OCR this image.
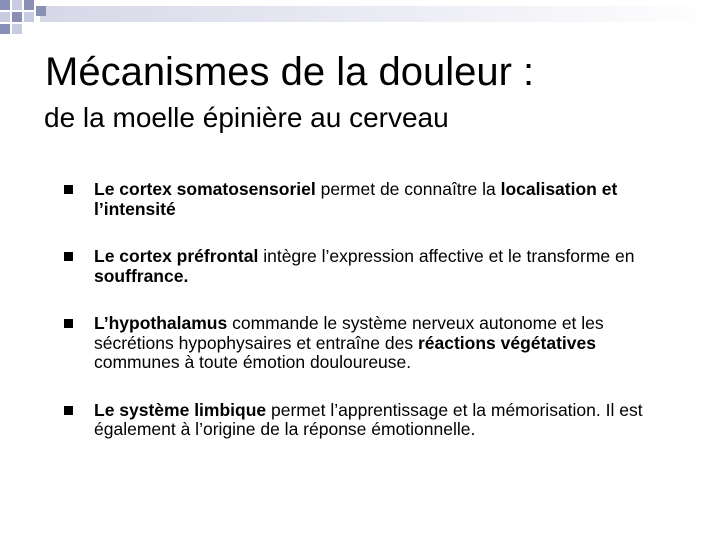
Mécanismes de la douleur :
de la moelle épinière au cerveau
Le cortex somatosensoriel permet de connaître la localisation et l’intensité
Le cortex préfrontal intègre l’expression affective et le transforme en souffrance.
L’hypothalamus commande le système nerveux autonome et les sécrétions hypophysaires et entraîne des réactions végétatives communes à toute émotion douloureuse.
Le système limbique permet l’apprentissage et la mémorisation. Il est également à l’origine de la réponse émotionnelle.
